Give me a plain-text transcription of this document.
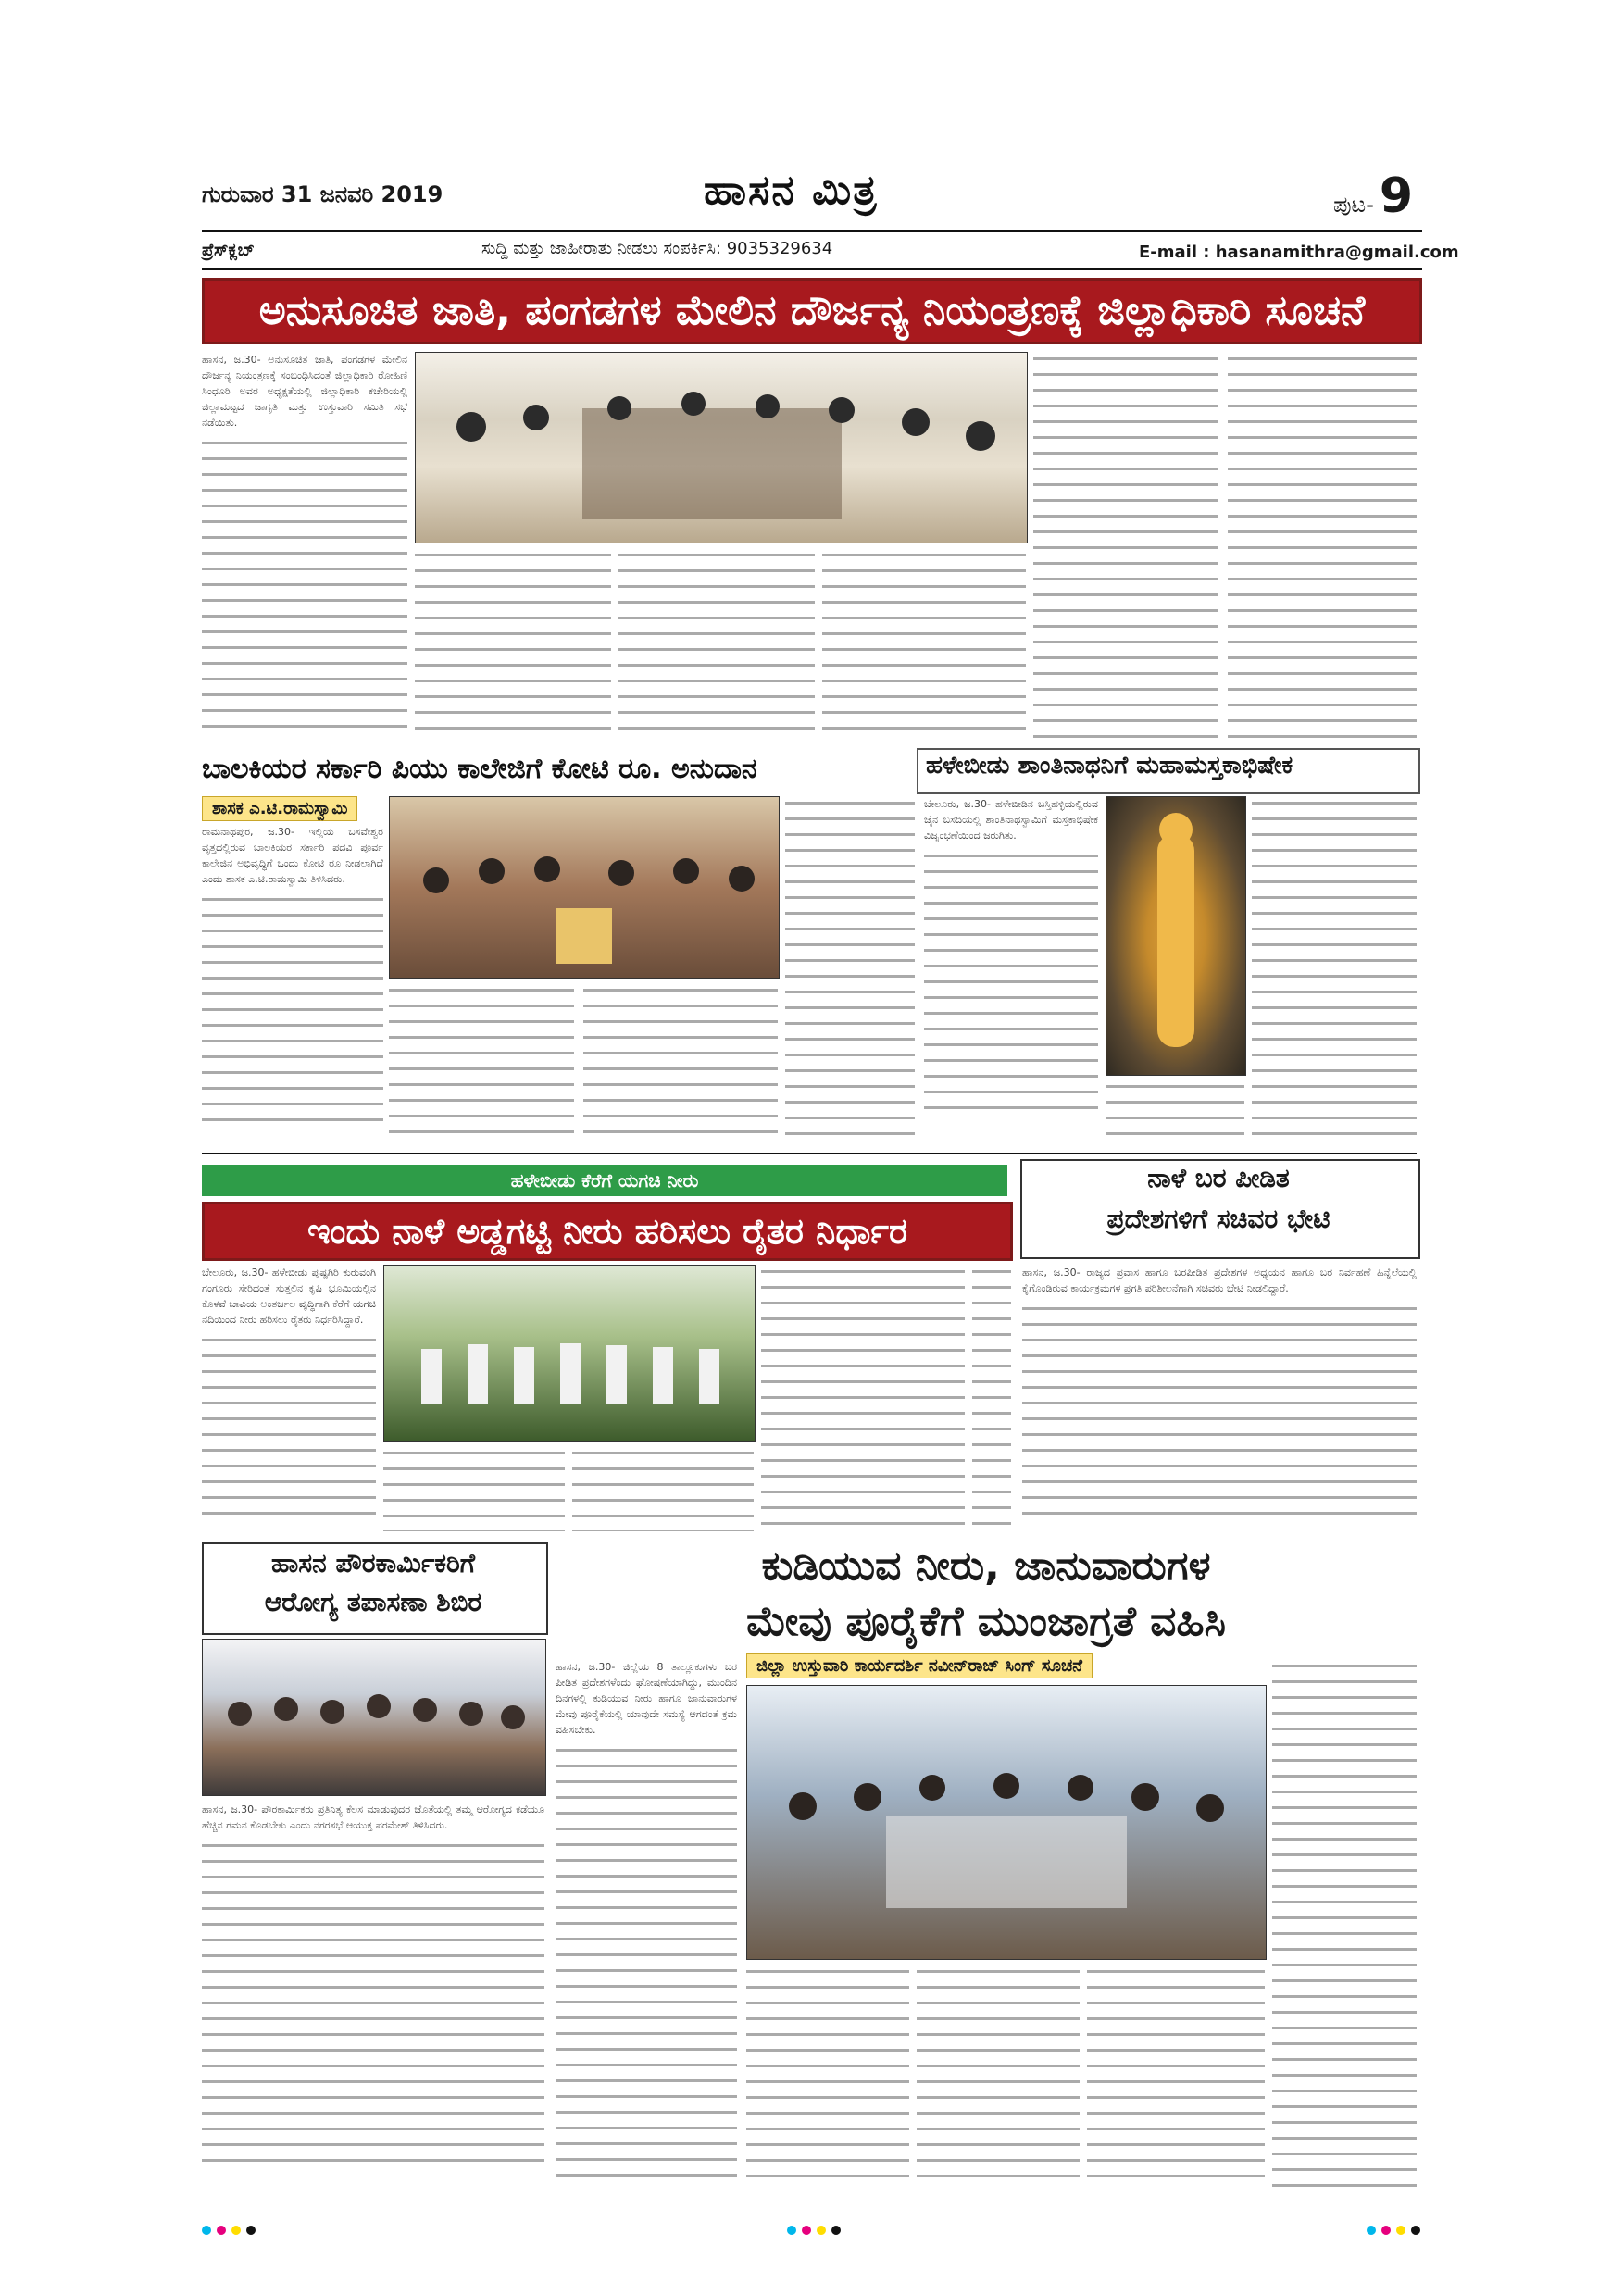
ಗುರುವಾರ 31 ಜನವರಿ 2019	ಹಾಸನ ಮಿತ್ರ	ಪುಟ- 9
ಪ್ರೆಸ್‌ಕ್ಲಬ್	ಸುದ್ದಿ ಮತ್ತು ಜಾಹೀರಾತು ನೀಡಲು ಸಂಪರ್ಕಿಸಿ: 9035329634	E-mail : hasanamithra@gmail.com
ಅನುಸೂಚಿತ ಜಾತಿ, ಪಂಗಡಗಳ ಮೇಲಿನ ದೌರ್ಜನ್ಯ ನಿಯಂತ್ರಣಕ್ಕೆ ಜಿಲ್ಲಾಧಿಕಾರಿ ಸೂಚನೆ
ಹಾಸನ, ಜ.30- ಅನುಸೂಚಿತ ಜಾತಿ, ಪಂಗಡಗಳ ಮೇಲಿನ ದೌರ್ಜನ್ಯ ನಿಯಂತ್ರಣಕ್ಕೆ ಸಂಬಂಧಿಸಿದಂತೆ ಜಿಲ್ಲಾಧಿಕಾರಿ ರೋಹಿಣಿ ಸಿಂಧೂರಿ ಅವರ ಅಧ್ಯಕ್ಷತೆಯಲ್ಲಿ ಜಿಲ್ಲಾಧಿಕಾರಿ ಕಚೇರಿಯಲ್ಲಿ ಜಿಲ್ಲಾಮಟ್ಟದ ಜಾಗೃತಿ ಮತ್ತು ಉಸ್ತುವಾರಿ ಸಮಿತಿ ಸಭೆ ನಡೆಯಿತು.
ಬಾಲಕಿಯರ ಸರ್ಕಾರಿ ಪಿಯು ಕಾಲೇಜಿಗೆ ಕೋಟಿ ರೂ. ಅನುದಾನ
ಶಾಸಕ ಎ.ಟಿ.ರಾಮಸ್ವಾಮಿ
ರಾಮನಾಥಪುರ, ಜ.30- ಇಲ್ಲಿಯ ಬಸವೇಶ್ವರ ವೃತ್ತದಲ್ಲಿರುವ ಬಾಲಕಿಯರ ಸರ್ಕಾರಿ ಪದವಿ ಪೂರ್ವ ಕಾಲೇಜಿನ ಅಭಿವೃದ್ಧಿಗೆ ಒಂದು ಕೋಟಿ ರೂ ನೀಡಲಾಗಿದೆ ಎಂದು ಶಾಸಕ ಎ.ಟಿ.ರಾಮಸ್ವಾಮಿ ತಿಳಿಸಿದರು.
ಹಳೇಬೀಡು ಶಾಂತಿನಾಥನಿಗೆ ಮಹಾಮಸ್ತಕಾಭಿಷೇಕ
ಬೇಲೂರು, ಜ.30- ಹಳೇಬೀಡಿನ ಬಸ್ತಿಹಳ್ಳಿಯಲ್ಲಿರುವ ಜೈನ ಬಸದಿಯಲ್ಲಿ ಶಾಂತಿನಾಥಸ್ವಾಮಿಗೆ ಮಸ್ತಕಾಭಿಷೇಕ ವಿಜೃಂಭಣೆಯಿಂದ ಜರುಗಿತು.
ಹಳೇಬೀಡು ಕೆರೆಗೆ ಯಗಚಿ ನೀರು
ಇಂದು ನಾಳೆ ಅಡ್ಡಗಟ್ಟಿ ನೀರು ಹರಿಸಲು ರೈತರ ನಿರ್ಧಾರ
ಬೇಲೂರು, ಜ.30- ಹಳೇಬೀಡು ಪುಷ್ಪಗಿರಿ ಕುರುವಂಗಿ ಗಂಗೂರು ಸೇರಿದಂತೆ ಸುತ್ತಲಿನ ಕೃಷಿ ಭೂಮಿಯಲ್ಲಿನ ಕೊಳವೆ ಬಾವಿಯ ಅಂತರ್ಜಲ ವೃದ್ಧಿಗಾಗಿ ಕೆರೆಗೆ ಯಗಚಿ ನದಿಯಿಂದ ನೀರು ಹರಿಸಲು ರೈತರು ನಿರ್ಧರಿಸಿದ್ದಾರೆ.
ನಾಳೆ ಬರ ಪೀಡಿತ
ಪ್ರದೇಶಗಳಿಗೆ ಸಚಿವರ ಭೇಟಿ
ಹಾಸನ, ಜ.30- ರಾಜ್ಯದ ಪ್ರವಾಸ ಹಾಗೂ ಬರಪೀಡಿತ ಪ್ರದೇಶಗಳ ಅಧ್ಯಯನ ಹಾಗೂ ಬರ ನಿರ್ವಹಣೆ ಹಿನ್ನೆಲೆಯಲ್ಲಿ ಕೈಗೊಂಡಿರುವ ಕಾರ್ಯಕ್ರಮಗಳ ಪ್ರಗತಿ ಪರಿಶೀಲನೆಗಾಗಿ ಸಚಿವರು ಭೇಟಿ ನೀಡಲಿದ್ದಾರೆ.
ಹಾಸನ ಪೌರಕಾರ್ಮಿಕರಿಗೆ
ಆರೋಗ್ಯ ತಪಾಸಣಾ ಶಿಬಿರ
ಹಾಸನ, ಜ.30- ಪೌರಕಾರ್ಮಿಕರು ಪ್ರತಿನಿತ್ಯ ಕೆಲಸ ಮಾಡುವುದರ ಜೊತೆಯಲ್ಲಿ ತಮ್ಮ ಆರೋಗ್ಯದ ಕಡೆಯೂ ಹೆಚ್ಚಿನ ಗಮನ ಕೊಡಬೇಕು ಎಂದು ನಗರಸಭೆ ಆಯುಕ್ತ ಪರಮೇಶ್ ತಿಳಿಸಿದರು.
ಕುಡಿಯುವ ನೀರು, ಜಾನುವಾರುಗಳ
ಮೇವು ಪೂರೈಕೆಗೆ ಮುಂಜಾಗ್ರತೆ ವಹಿಸಿ
ಹಾಸನ, ಜ.30- ಜಿಲ್ಲೆಯ 8 ತಾಲ್ಲೂಕುಗಳು ಬರ ಪೀಡಿತ ಪ್ರದೇಶಗಳೆಂದು ಘೋಷಣೆಯಾಗಿದ್ದು, ಮುಂದಿನ ದಿನಗಳಲ್ಲಿ ಕುಡಿಯುವ ನೀರು ಹಾಗೂ ಜಾನುವಾರುಗಳ ಮೇವು ಪೂರೈಕೆಯಲ್ಲಿ ಯಾವುದೇ ಸಮಸ್ಯೆ ಆಗದಂತೆ ಕ್ರಮ ವಹಿಸಬೇಕು.
ಜಿಲ್ಲಾ ಉಸ್ತುವಾರಿ ಕಾರ್ಯದರ್ಶಿ ನವೀನ್‌ರಾಜ್ ಸಿಂಗ್ ಸೂಚನೆ
